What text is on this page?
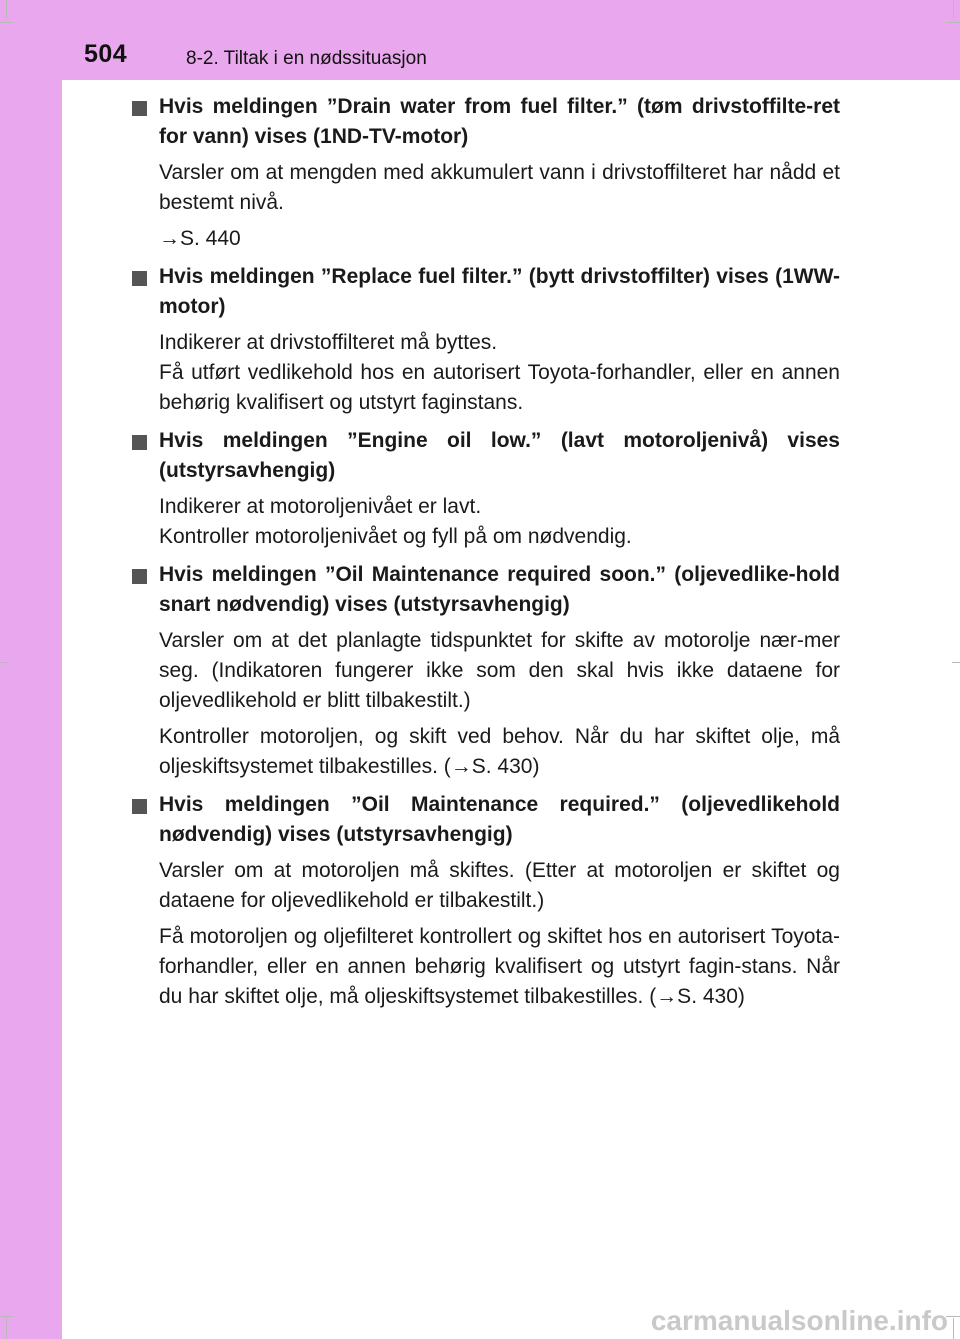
504	8-2. Tiltak i en nødssituasjon
Hvis meldingen ”Drain water from fuel filter.” (tøm drivstoffilte-ret for vann) vises (1ND-TV-motor)
Varsler om at mengden med akkumulert vann i drivstoffilteret har nådd et bestemt nivå.
→S. 440
Hvis meldingen ”Replace fuel filter.” (bytt drivstoffilter) vises (1WW-motor)
Indikerer at drivstoffilteret må byttes.
Få utført vedlikehold hos en autorisert Toyota-forhandler, eller en annen behørig kvalifisert og utstyrt faginstans.
Hvis meldingen ”Engine oil low.” (lavt motoroljenivå) vises (utstyrsavhengig)
Indikerer at motoroljenivået er lavt.
Kontroller motoroljenivået og fyll på om nødvendig.
Hvis meldingen ”Oil Maintenance required soon.” (oljevedlike-hold snart nødvendig) vises (utstyrsavhengig)
Varsler om at det planlagte tidspunktet for skifte av motorolje nær-mer seg. (Indikatoren fungerer ikke som den skal hvis ikke dataene for oljevedlikehold er blitt tilbakestilt.)
Kontroller motoroljen, og skift ved behov. Når du har skiftet olje, må oljeskiftsystemet tilbakestilles. (→S. 430)
Hvis meldingen ”Oil Maintenance required.” (oljevedlikehold nødvendig) vises (utstyrsavhengig)
Varsler om at motoroljen må skiftes. (Etter at motoroljen er skiftet og dataene for oljevedlikehold er tilbakestilt.)
Få motoroljen og oljefilteret kontrollert og skiftet hos en autorisert Toyota-forhandler, eller en annen behørig kvalifisert og utstyrt fagin-stans. Når du har skiftet olje, må oljeskiftsystemet tilbakestilles. (→S. 430)
carmanualsonline.info
